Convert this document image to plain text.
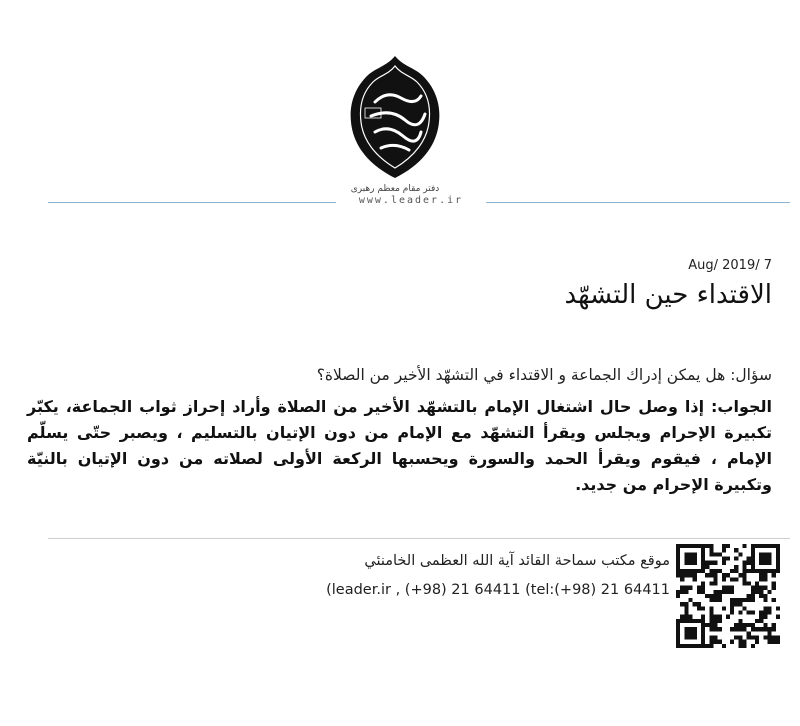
دفتر مقام معظم رهبری
www.leader.ir
Aug/ 2019/ 7
الاقتداء حين التشهّد
سؤال: هل يمكن إدراك الجماعة و الاقتداء في التشهّد الأخير من الصلاة؟
الجواب: إذا وصل حال اشتغال الإمام بالتشهّد الأخير من الصلاة وأراد إحراز ثواب الجماعة، يكبّر تكبيرة الإحرام ويجلس ويقرأ التشهّد مع الإمام من دون الإتيان بالتسليم ، ويصبر حتّى يسلّم الإمام ، فيقوم ويقرأ الحمد والسورة ويحسبها الركعة الأولى لصلاته من دون الإتيان بالنيّة وتكبيرة الإحرام من جديد.
موقع مكتب سماحة القائد آية الله العظمى الخامنئي
(leader.ir , (+98) 21 64411 (tel:(+98) 21 64411
